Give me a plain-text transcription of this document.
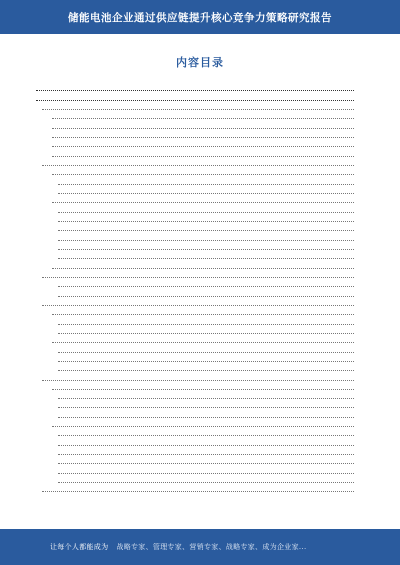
储能电池企业通过供应链提升核心竞争力策略研究报告
内容目录
让每个人都能成为 战略专家、管理专家、营销专家、战略专家、成为企业家...
